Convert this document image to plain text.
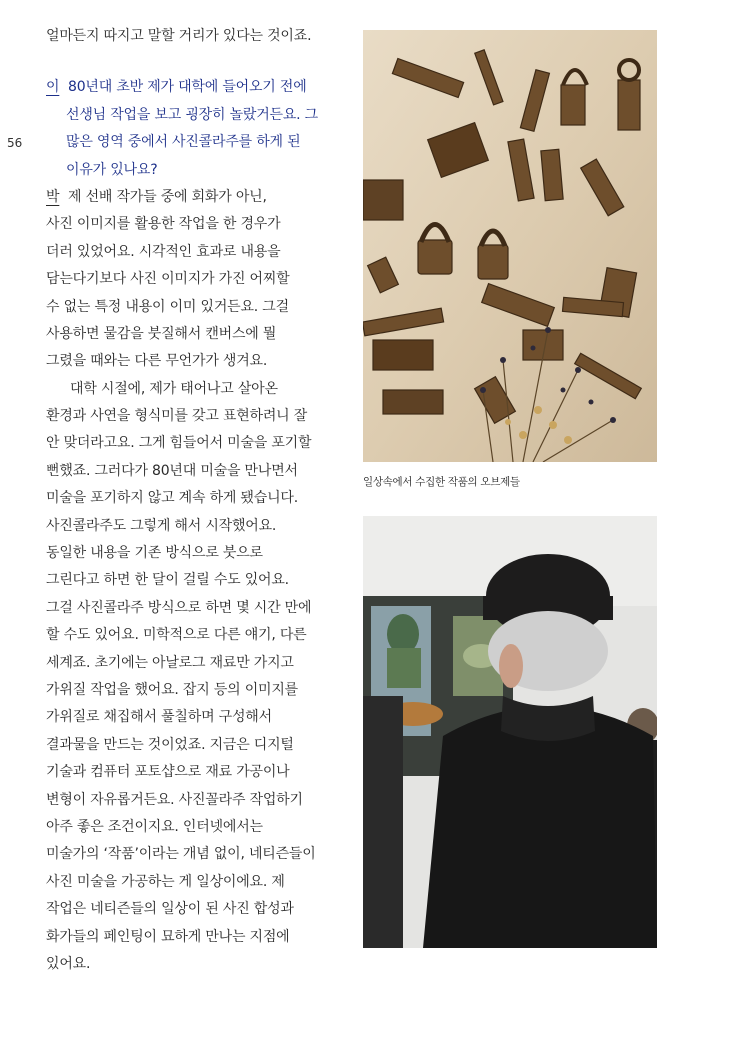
56
얼마든지 따지고 말할 거리가 있다는 것이죠.
이 80년대 초반 제가 대학에 들어오기 전에
선생님 작업을 보고 굉장히 놀랐거든요. 그
많은 영역 중에서 사진콜라주를 하게 된
이유가 있나요?
박 제 선배 작가들 중에 회화가 아닌,
사진 이미지를 활용한 작업을 한 경우가
더러 있었어요. 시각적인 효과로 내용을
담는다기보다 사진 이미지가 가진 어찌할
수 없는 특정 내용이 이미 있거든요. 그걸
사용하면 물감을 붓질해서 캔버스에 뭘
그렸을 때와는 다른 무언가가 생겨요.
대학 시절에, 제가 태어나고 살아온
환경과 사연을 형식미를 갖고 표현하려니 잘
안 맞더라고요. 그게 힘들어서 미술을 포기할
뻔했죠. 그러다가 80년대 미술을 만나면서
미술을 포기하지 않고 계속 하게 됐습니다.
사진콜라주도 그렇게 해서 시작했어요.
동일한 내용을 기존 방식으로 붓으로
그린다고 하면 한 달이 걸릴 수도 있어요.
그걸 사진콜라주 방식으로 하면 몇 시간 만에
할 수도 있어요. 미학적으로 다른 얘기, 다른
세계죠. 초기에는 아날로그 재료만 가지고
가위질 작업을 했어요. 잡지 등의 이미지를
가위질로 채집해서 풀칠하며 구성해서
결과물을 만드는 것이었죠. 지금은 디지털
기술과 컴퓨터 포토샵으로 재료 가공이나
변형이 자유롭거든요. 사진꼴라주 작업하기
아주 좋은 조건이지요. 인터넷에서는
미술가의 ‘작품’이라는 개념 없이, 네티즌들이
사진 미술을 가공하는 게 일상이에요. 제
작업은 네티즌들의 일상이 된 사진 합성과
화가들의 페인팅이 묘하게 만나는 지점에
있어요.
일상속에서 수집한 작품의 오브제들
